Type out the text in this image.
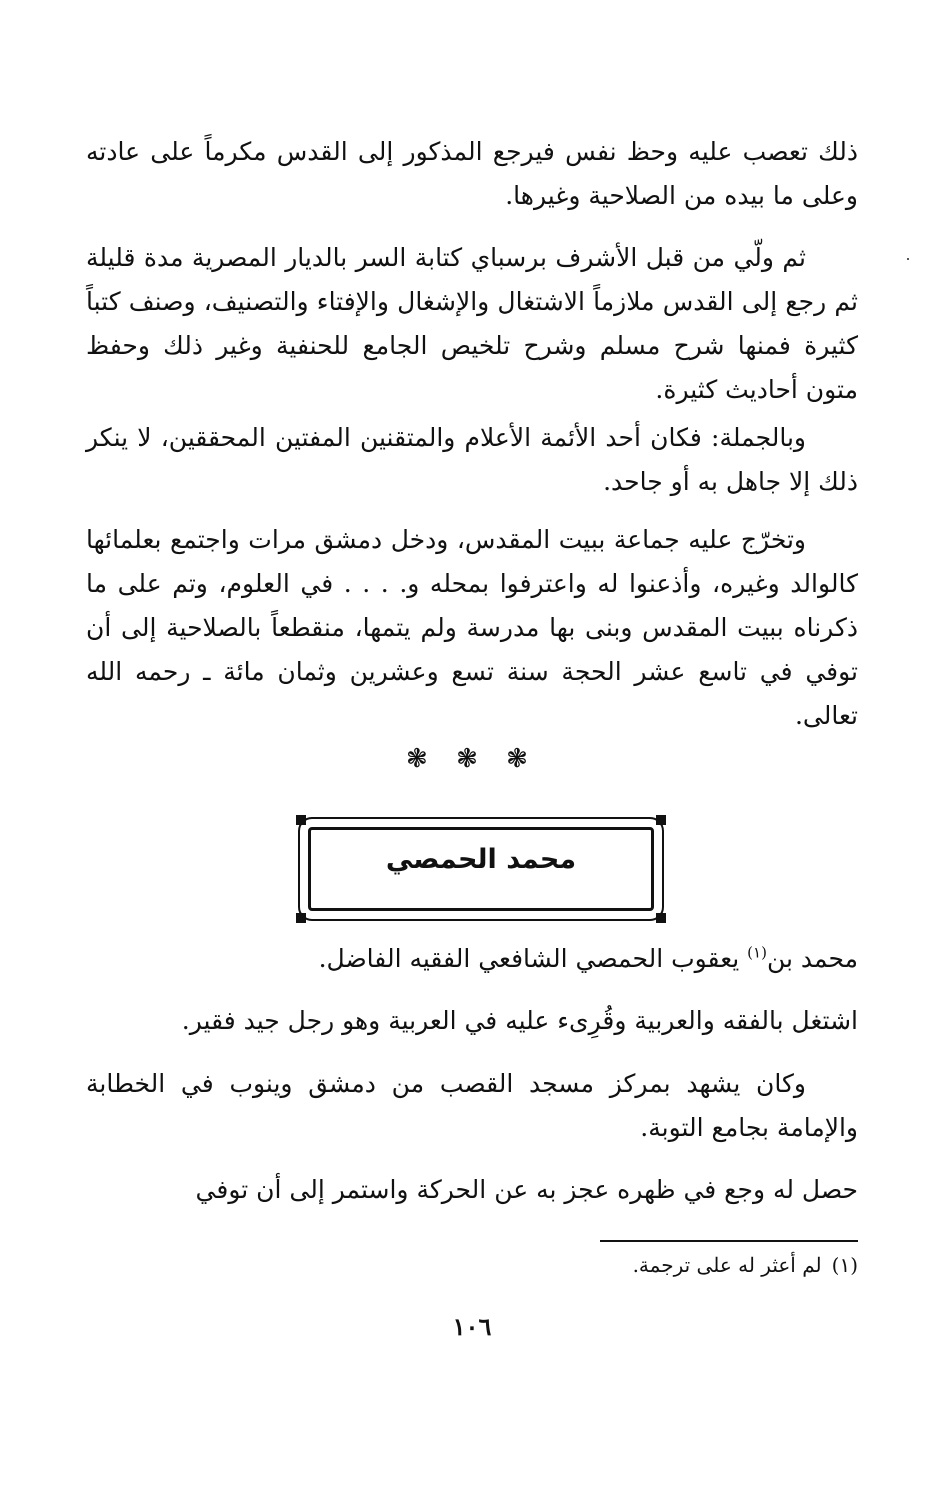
ذلك تعصب عليه وحظ نفس فيرجع المذكور إلى القدس مكرماً على عادته وعلى ما بيده من الصلاحية وغيرها.

ثم ولّي من قبل الأشرف برسباي كتابة السر بالديار المصرية مدة قليلة ثم رجع إلى القدس ملازماً الاشتغال والإشغال والإفتاء والتصنيف، وصنف كتباً كثيرة فمنها شرح مسلم وشرح تلخيص الجامع للحنفية وغير ذلك وحفظ متون أحاديث كثيرة.

وبالجملة: فكان أحد الأئمة الأعلام والمتقنين المفتين المحققين، لا ينكر ذلك إلا جاهل به أو جاحد.

وتخرّج عليه جماعة ببيت المقدس، ودخل دمشق مرات واجتمع بعلمائها كالوالد وغيره، وأذعنوا له واعترفوا بمحله و. . . . في العلوم، وتم على ما ذكرناه ببيت المقدس وبنى بها مدرسة ولم يتمها، منقطعاً بالصلاحية إلى أن توفي في تاسع عشر الحجة سنة تسع وعشرين وثمان مائة ـ رحمه الله تعالى.

❃ ❃ ❃
محمد الحمصي

محمد بن$^{(١)}$ يعقوب الحمصي الشافعي الفقيه الفاضل.

اشتغل بالفقه والعربية وقُرِىء عليه في العربية وهو رجل جيد فقير.

وكان يشهد بمركز مسجد القصب من دمشق وينوب في الخطابة والإمامة بجامع التوبة.

حصل له وجع في ظهره عجز به عن الحركة واستمر إلى أن توفي

(١)لم أعثر له على ترجمة.
١٠٦
